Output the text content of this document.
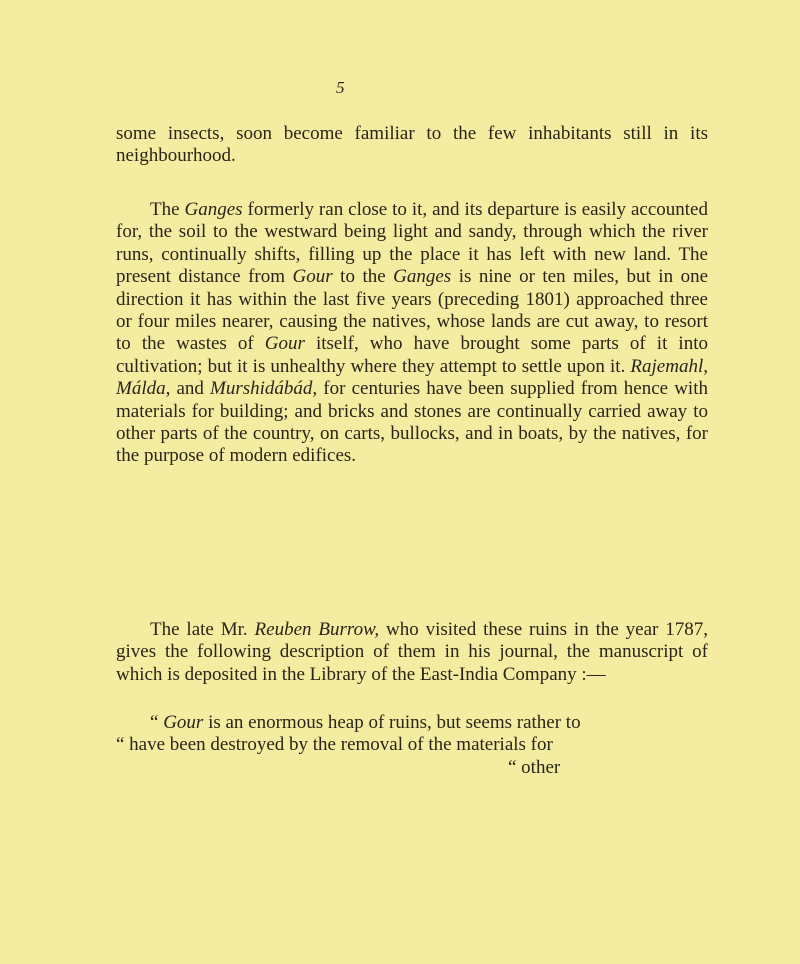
5

some insects, soon become familiar to the few inhabitants still in its neighbourhood.

The Ganges formerly ran close to it, and its departure is easily accounted for, the soil to the westward being light and sandy, through which the river runs, continually shifts, filling up the place it has left with new land. The present distance from Gour to the Ganges is nine or ten miles, but in one direction it has within the last five years (preceding 1801) approached three or four miles nearer, causing the natives, whose lands are cut away, to resort to the wastes of Gour itself, who have brought some parts of it into cultivation; but it is unhealthy where they attempt to settle upon it. Rajemahl, Málda, and Murshidábád, for centuries have been supplied from hence with materials for building; and bricks and stones are continually carried away to other parts of the country, on carts, bullocks, and in boats, by the natives, for the purpose of modern edifices.

The late Mr. Reuben Burrow, who visited these ruins in the year 1787, gives the following description of them in his journal, the manuscript of which is deposited in the Library of the East-India Company :—

“ Gour is an enormous heap of ruins, but seems rather to
“ have been destroyed by the removal of the materials for
“ other
